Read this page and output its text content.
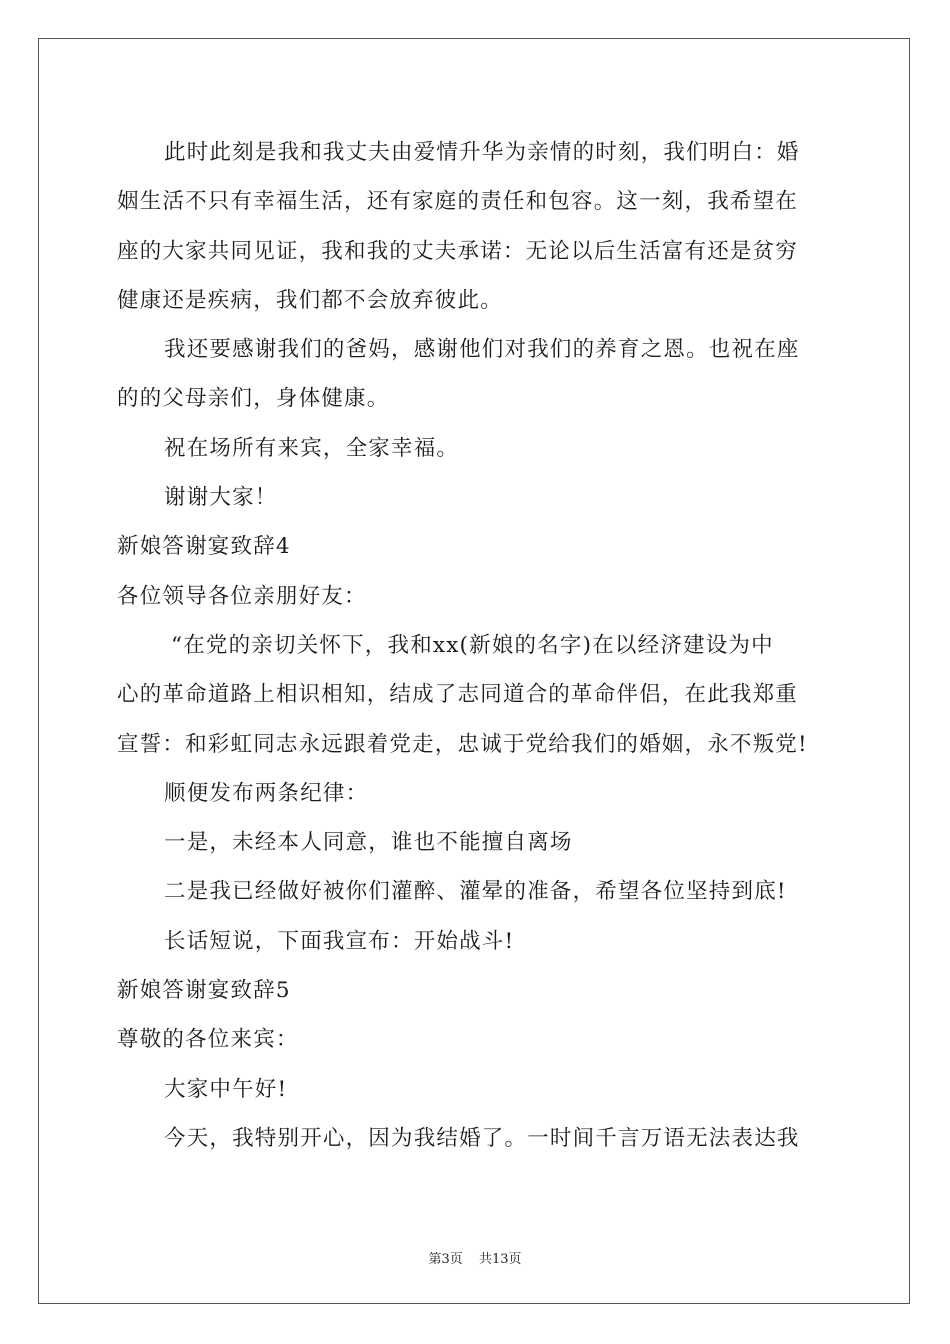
此时此刻是我和我丈夫由爱情升华为亲情的时刻，我们明白：婚
姻生活不只有幸福生活，还有家庭的责任和包容。这一刻，我希望在
座的大家共同见证，我和我的丈夫承诺：无论以后生活富有还是贫穷
健康还是疾病，我们都不会放弃彼此。
我还要感谢我们的爸妈，感谢他们对我们的养育之恩。也祝在座
的的父母亲们，身体健康。
祝在场所有来宾，全家幸福。
谢谢大家！
新娘答谢宴致辞4
各位领导各位亲朋好友：
“在党的亲切关怀下，我和xx(新娘的名字)在以经济建设为中
心的革命道路上相识相知，结成了志同道合的革命伴侣，在此我郑重
宣誓：和彩虹同志永远跟着党走，忠诚于党给我们的婚姻，永不叛党!
顺便发布两条纪律：
一是，未经本人同意，谁也不能擅自离场
二是我已经做好被你们灌醉、灌晕的准备，希望各位坚持到底!
长话短说，下面我宣布：开始战斗!
新娘答谢宴致辞5
尊敬的各位来宾：
大家中午好!
今天，我特别开心，因为我结婚了。一时间千言万语无法表达我
第3页 共13页
